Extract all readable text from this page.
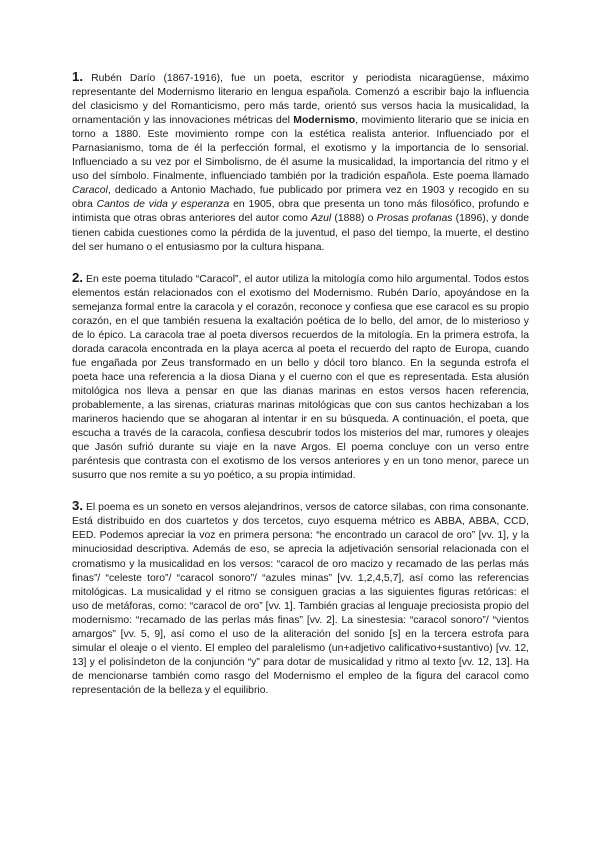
1. Rubén Darío (1867-1916), fue un poeta, escritor y periodista nicaragüense, máximo representante del Modernismo literario en lengua española. Comenzó a escribir bajo la influencia del clasicismo y del Romanticismo, pero más tarde, orientó sus versos hacia la musicalidad, la ornamentación y las innovaciones métricas del Modernismo, movimiento literario que se inicia en torno a 1880. Este movimiento rompe con la estética realista anterior. Influenciado por el Parnasianismo, toma de él la perfección formal, el exotismo y la importancia de lo sensorial. Influenciado a su vez por el Simbolismo, de él asume la musicalidad, la importancia del ritmo y el uso del símbolo. Finalmente, influenciado también por la tradición española. Este poema llamado Caracol, dedicado a Antonio Machado, fue publicado por primera vez en 1903 y recogido en su obra Cantos de vida y esperanza en 1905, obra que presenta un tono más filosófico, profundo e intimista que otras obras anteriores del autor como Azul (1888) o Prosas profanas (1896), y donde tienen cabida cuestiones como la pérdida de la juventud, el paso del tiempo, la muerte, el destino del ser humano o el entusiasmo por la cultura hispana.

2. En este poema titulado “Caracol”, el autor utiliza la mitología como hilo argumental. Todos estos elementos están relacionados con el exotismo del Modernismo. Rubén Darío, apoyándose en la semejanza formal entre la caracola y el corazón, reconoce y confiesa que ese caracol es su propio corazón, en el que también resuena la exaltación poética de lo bello, del amor, de lo misterioso y de lo épico. La caracola trae al poeta diversos recuerdos de la mitología. En la primera estrofa, la dorada caracola encontrada en la playa acerca al poeta el recuerdo del rapto de Europa, cuando fue engañada por Zeus transformado en un bello y dócil toro blanco. En la segunda estrofa el poeta hace una referencia a la diosa Diana y el cuerno con el que es representada. Esta alusión mitológica nos lleva a pensar en que las dianas marinas en estos versos hacen referencia, probablemente, a las sirenas, criaturas marinas mitológicas que con sus cantos hechizaban a los marineros haciendo que se ahogaran al intentar ir en su búsqueda. A continuación, el poeta, que escucha a través de la caracola, confiesa descubrir todos los misterios del mar, rumores y oleajes que Jasón sufrió durante su viaje en la nave Argos. El poema concluye con un verso entre paréntesis que contrasta con el exotismo de los versos anteriores y en un tono menor, parece un susurro que nos remite a su yo poético, a su propia intimidad.

3. El poema es un soneto en versos alejandrinos, versos de catorce sílabas, con rima consonante. Está distribuido en dos cuartetos y dos tercetos, cuyo esquema métrico es ABBA, ABBA, CCD, EED. Podemos apreciar la voz en primera persona: “he encontrado un caracol de oro” [vv. 1], y la minuciosidad descriptiva. Además de eso, se aprecia la adjetivación sensorial relacionada con el cromatismo y la musicalidad en los versos: “caracol de oro macizo y recamado de las perlas más finas”/ “celeste toro”/ “caracol sonoro”/ “azules minas” [vv. 1,2,4,5,7], así como las referencias mitológicas. La musicalidad y el ritmo se consiguen gracias a las siguientes figuras retóricas: el uso de metáforas, como: “caracol de oro” [vv. 1]. También gracias al lenguaje preciosista propio del modernismo: “recamado de las perlas más finas” [vv. 2]. La sinestesia: “caracol sonoro”/ “vientos amargos” [vv. 5, 9], así como el uso de la aliteración del sonido [s] en la tercera estrofa para simular el oleaje o el viento. El empleo del paralelismo (un+adjetivo calificativo+sustantivo) [vv. 12, 13] y el polisíndeton de la conjunción “y” para dotar de musicalidad y ritmo al texto [vv. 12, 13]. Ha de mencionarse también como rasgo del Modernismo el empleo de la figura del caracol como representación de la belleza y el equilibrio.
